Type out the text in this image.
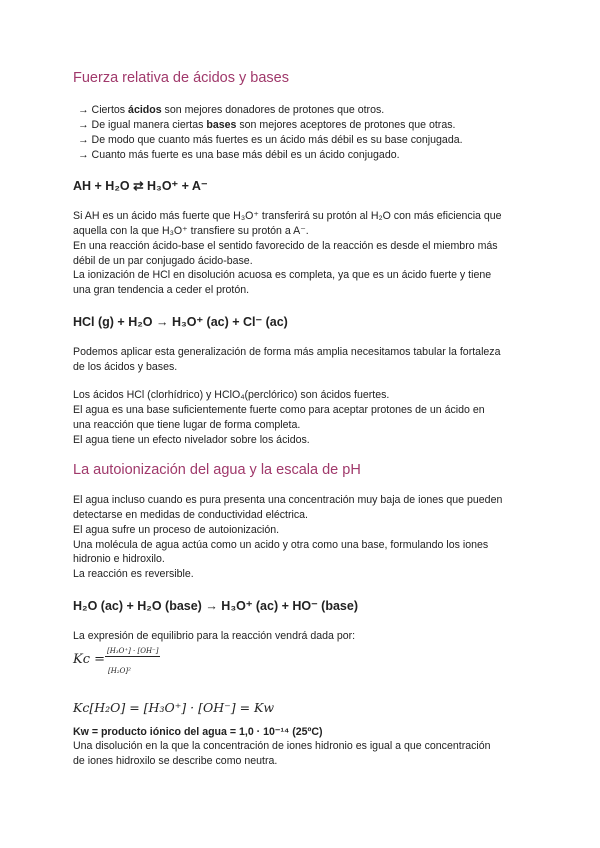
Fuerza relativa de ácidos y bases

→ Ciertos ácidos son mejores donadores de protones que otros.

→ De igual manera ciertas bases son mejores aceptores de protones que otras.

→ De modo que cuanto más fuertes es un ácido más débil es su base conjugada.

→ Cuanto más fuerte es una base más débil es un ácido conjugado.

AH + H₂O ⇄ H₃O⁺ + A⁻

Si AH es un ácido más fuerte que H₃O⁺ transferirá su protón al H₂O con más eficiencia que

aquella con la que H₃O⁺ transfiere su protón a A⁻.

En una reacción ácido-base el sentido favorecido de la reacción es desde el miembro más

débil de un par conjugado ácido-base.

La ionización de HCl en disolución acuosa es completa, ya que es un ácido fuerte y tiene

una gran tendencia a ceder el protón.

HCl (g) + H₂O → H₃O⁺ (ac) + Cl⁻ (ac)

Podemos aplicar esta generalización de forma más amplia necesitamos tabular la fortaleza

de los ácidos y bases.

Los ácidos HCl (clorhídrico) y HClO₄(perclórico) son ácidos fuertes.

El agua es una base suficientemente fuerte como para aceptar protones de un ácido en

una reacción que tiene lugar de forma completa.

El agua tiene un efecto nivelador sobre los ácidos.

La autoionización del agua y la escala de pH

El agua incluso cuando es pura presenta una concentración muy baja de iones que pueden

detectarse en medidas de conductividad eléctrica.

El agua sufre un proceso de autoionización.

Una molécula de agua actúa como un acido y otra como una base, formulando los iones

hidronio e hidroxilo.

La reacción es reversible.

H₂O (ac) + H₂O (base) → H₃O⁺ (ac) + HO⁻ (base)

La expresión de equilibrio para la reacción vendrá dada por:

Kc =
[H₃O⁺] · [OH⁻]
[H₂O]²
Kc[H₂O] = [H₃O⁺] · [OH⁻] = Kw

Kw = producto iónico del agua = 1,0 · 10⁻¹⁴ (25ºC)

Una disolución en la que la concentración de iones hidronio es igual a que concentración

de iones hidroxilo se describe como neutra.
